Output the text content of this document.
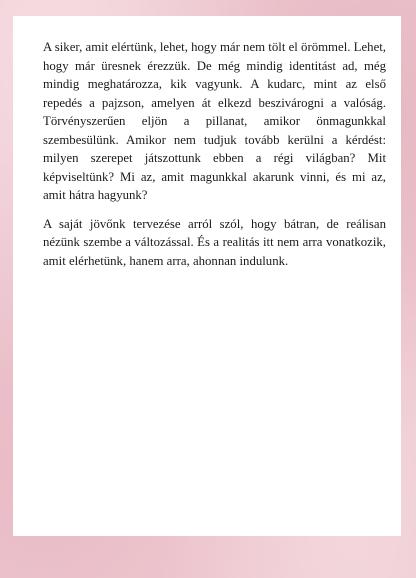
A siker, amit elértünk, lehet, hogy már nem tölt el örömmel. Lehet, hogy már üresnek érezzük. De még mindig identitást ad, még mindig meghatározza, kik vagyunk. A kudarc, mint az első repedés a pajzson, amelyen át elkezd beszivárogni a valóság. Törvényszerűen eljön a pillanat, amikor önmagunkkal szembesülünk. Amikor nem tudjuk tovább kerülni a kérdést: milyen szerepet játszottunk ebben a régi világban? Mit képviseltünk? Mi az, amit magunkkal akarunk vinni, és mi az, amit hátra hagyunk?

A saját jövőnk tervezése arról szól, hogy bátran, de reálisan nézünk szembe a változással. És a realitás itt nem arra vonatkozik, amit elérhetünk, hanem arra, ahonnan indulunk.
